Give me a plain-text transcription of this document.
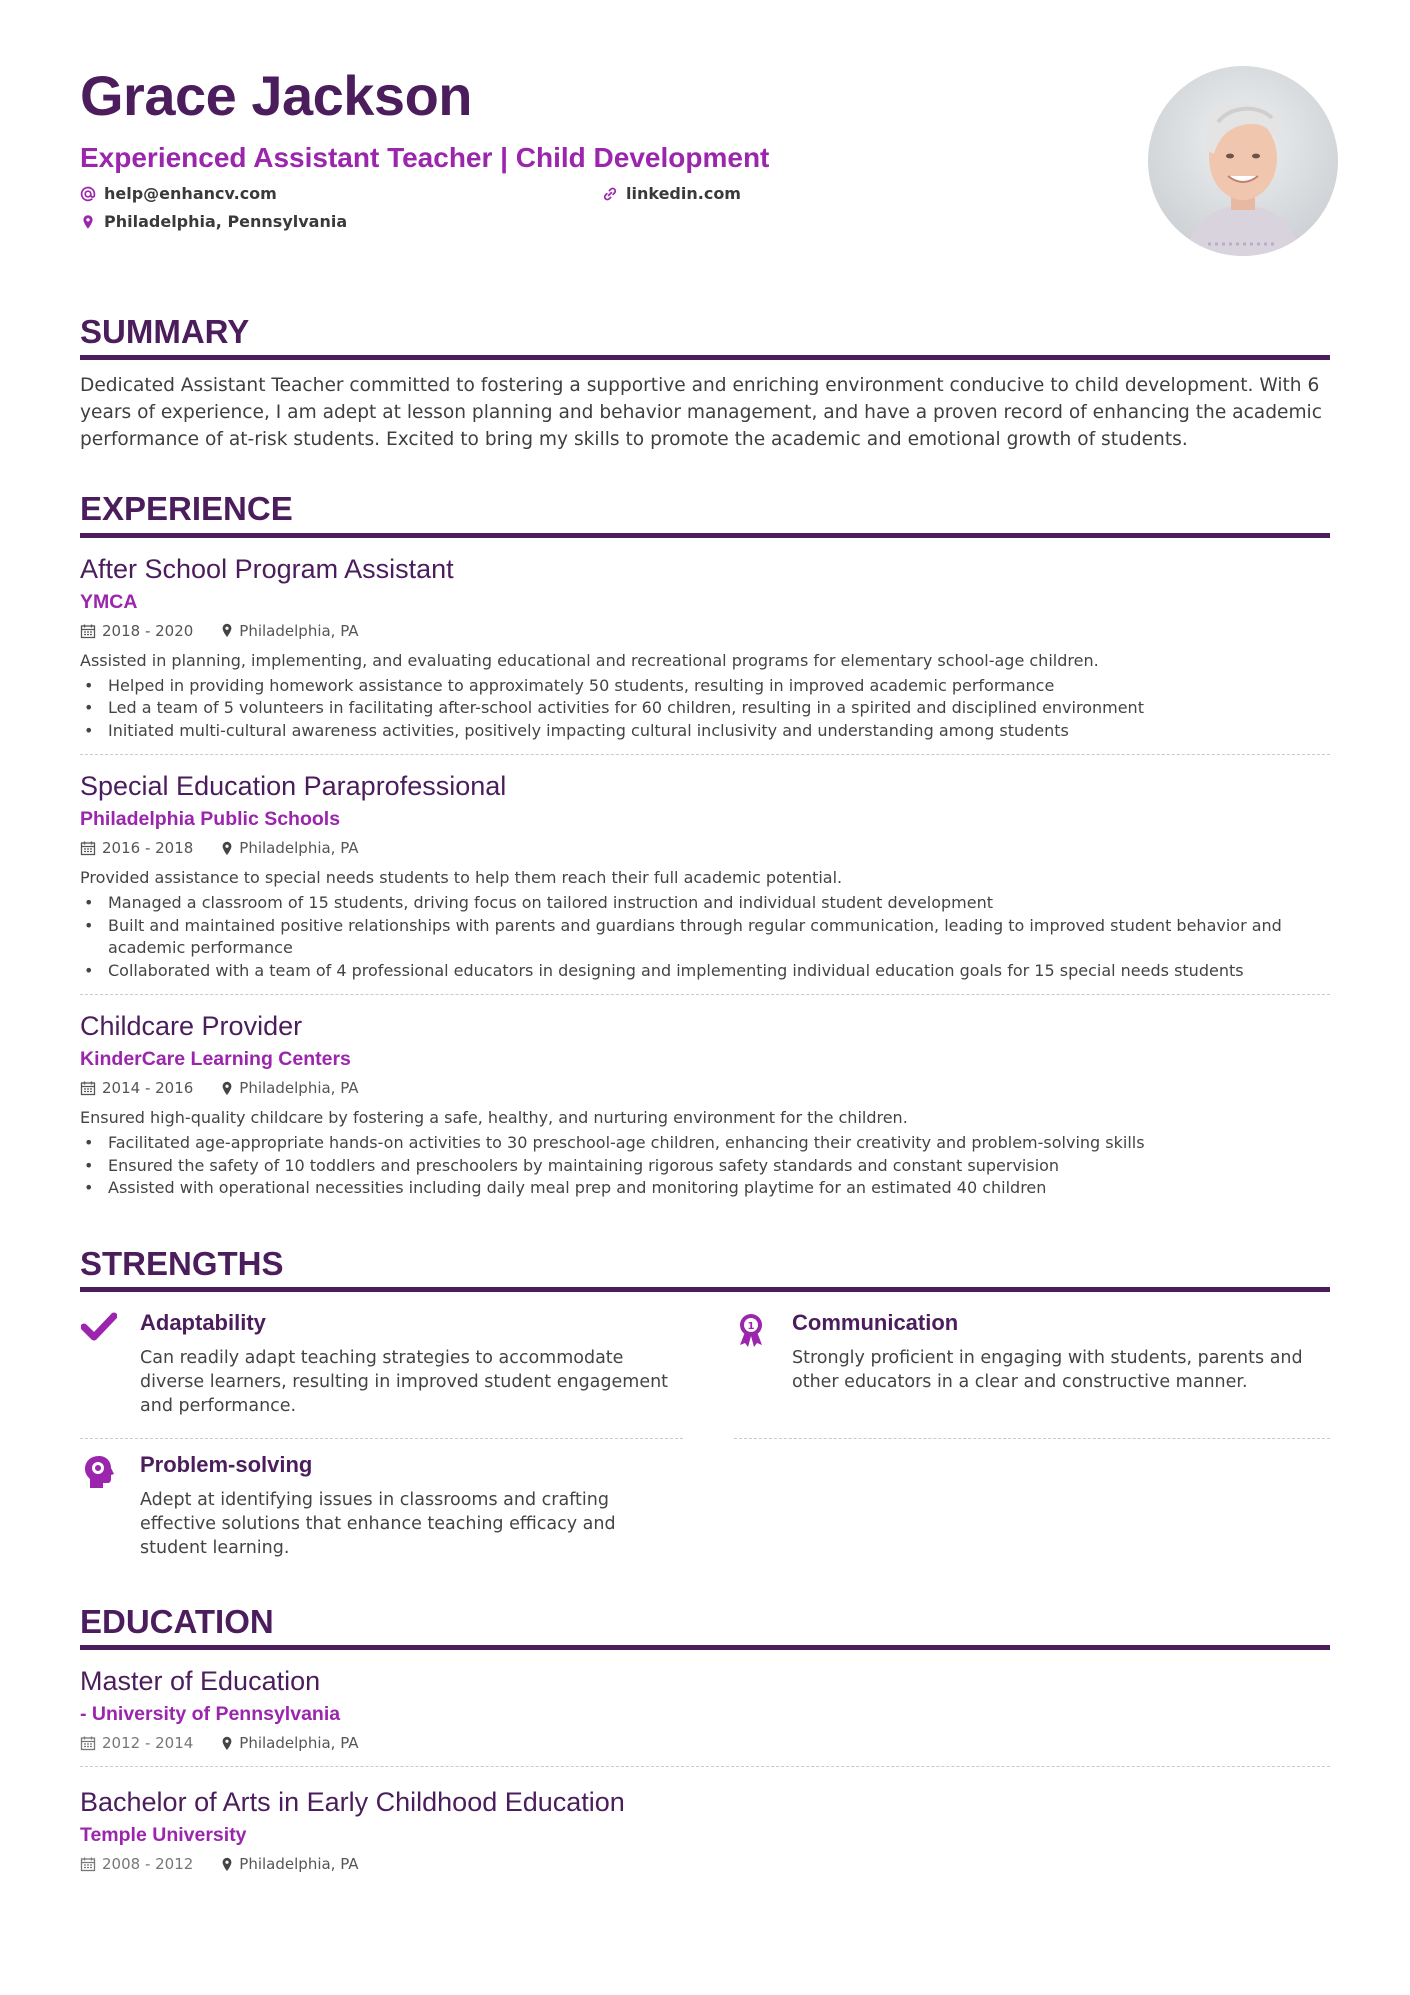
Grace Jackson
Experienced Assistant Teacher | Child Development
help@enhancv.com	linkedin.com
Philadelphia, Pennsylvania
SUMMARY
Dedicated Assistant Teacher committed to fostering a supportive and enriching environment conducive to child development. With 6 years of experience, I am adept at lesson planning and behavior management, and have a proven record of enhancing the academic performance of at-risk students. Excited to bring my skills to promote the academic and emotional growth of students.
EXPERIENCE
After School Program Assistant
YMCA
2018 - 2020	Philadelphia, PA
Assisted in planning, implementing, and evaluating educational and recreational programs for elementary school-age children.
• Helped in providing homework assistance to approximately 50 students, resulting in improved academic performance
• Led a team of 5 volunteers in facilitating after-school activities for 60 children, resulting in a spirited and disciplined environment
• Initiated multi-cultural awareness activities, positively impacting cultural inclusivity and understanding among students
Special Education Paraprofessional
Philadelphia Public Schools
2016 - 2018	Philadelphia, PA
Provided assistance to special needs students to help them reach their full academic potential.
• Managed a classroom of 15 students, driving focus on tailored instruction and individual student development
• Built and maintained positive relationships with parents and guardians through regular communication, leading to improved student behavior and academic performance
• Collaborated with a team of 4 professional educators in designing and implementing individual education goals for 15 special needs students
Childcare Provider
KinderCare Learning Centers
2014 - 2016	Philadelphia, PA
Ensured high-quality childcare by fostering a safe, healthy, and nurturing environment for the children.
• Facilitated age-appropriate hands-on activities to 30 preschool-age children, enhancing their creativity and problem-solving skills
• Ensured the safety of 10 toddlers and preschoolers by maintaining rigorous safety standards and constant supervision
• Assisted with operational necessities including daily meal prep and monitoring playtime for an estimated 40 children
STRENGTHS
Adaptability
Can readily adapt teaching strategies to accommodate diverse learners, resulting in improved student engagement and performance.
1 Communication
Strongly proficient in engaging with students, parents and other educators in a clear and constructive manner.
Problem-solving
Adept at identifying issues in classrooms and crafting effective solutions that enhance teaching efficacy and student learning.
EDUCATION
Master of Education
- University of Pennsylvania
2012 - 2014	Philadelphia, PA
Bachelor of Arts in Early Childhood Education
Temple University
2008 - 2012	Philadelphia, PA
